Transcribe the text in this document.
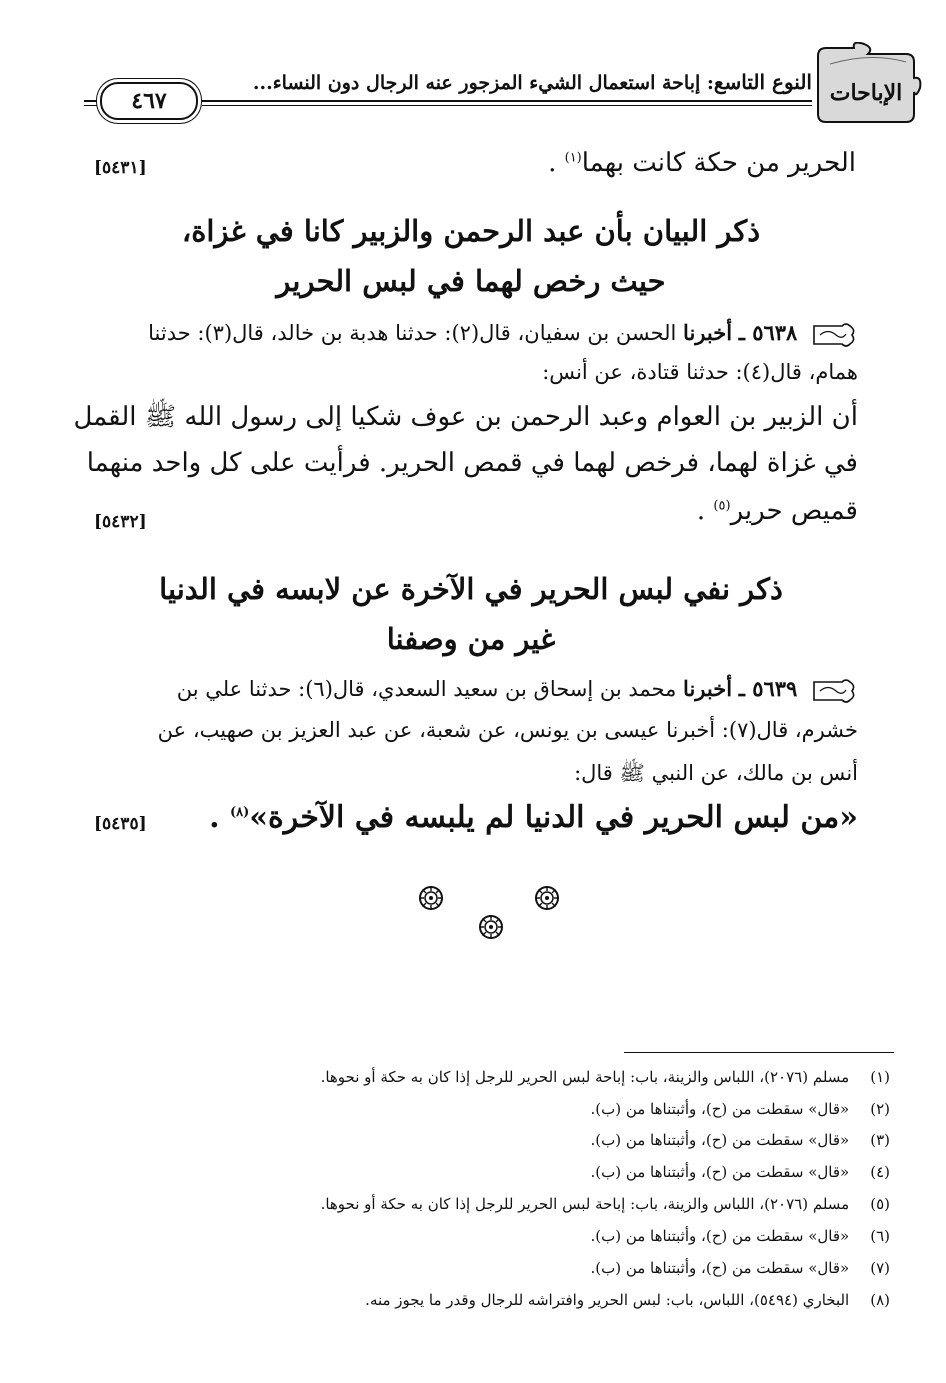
الإباحات
النوع التاسع: إباحة استعمال الشيء المزجور عنه الرجال دون النساء...
٤٦٧
الحرير من حكة كانت بهما$^{(١)}$ .
[٥٤٣١]
ذكر البيان بأن عبد الرحمن والزبير كانا في غزاة،
حيث رخص لهما في لبس الحرير
٥٦٣٨ ـ أخبرنا الحسن بن سفيان، قال(٢): حدثنا هدبة بن خالد، قال(٣): حدثنا
همام، قال(٤): حدثنا قتادة، عن أنس:
أن الزبير بن العوام وعبد الرحمن بن عوف شكيا إلى رسول الله ﷺ القمل
في غزاة لهما، فرخص لهما في قمص الحرير. فرأيت على كل واحد منهما
قميص حرير$^{(٥)}$ .
[٥٤٣٢]
ذكر نفي لبس الحرير في الآخرة عن لابسه في الدنيا
غير من وصفنا
٥٦٣٩ ـ أخبرنا محمد بن إسحاق بن سعيد السعدي، قال(٦): حدثنا علي بن
خشرم، قال(٧): أخبرنا عيسى بن يونس، عن شعبة، عن عبد العزيز بن صهيب، عن
أنس بن مالك، عن النبي ﷺ قال:
«من لبس الحرير في الدنيا لم يلبسه في الآخرة»$^{(٨)}$ .
[٥٤٣٥]
(١) مسلم (٢٠٧٦)، اللباس والزينة، باب: إباحة لبس الحرير للرجل إذا كان به حكة أو نحوها.
(٢) «قال» سقطت من (ح)، وأثبتناها من (ب).
(٣) «قال» سقطت من (ح)، وأثبتناها من (ب).
(٤) «قال» سقطت من (ح)، وأثبتناها من (ب).
(٥) مسلم (٢٠٧٦)، اللباس والزينة، باب: إباحة لبس الحرير للرجل إذا كان به حكة أو نحوها.
(٦) «قال» سقطت من (ح)، وأثبتناها من (ب).
(٧) «قال» سقطت من (ح)، وأثبتناها من (ب).
(٨) البخاري (٥٤٩٤)، اللباس، باب: لبس الحرير وافتراشه للرجال وقدر ما يجوز منه.
